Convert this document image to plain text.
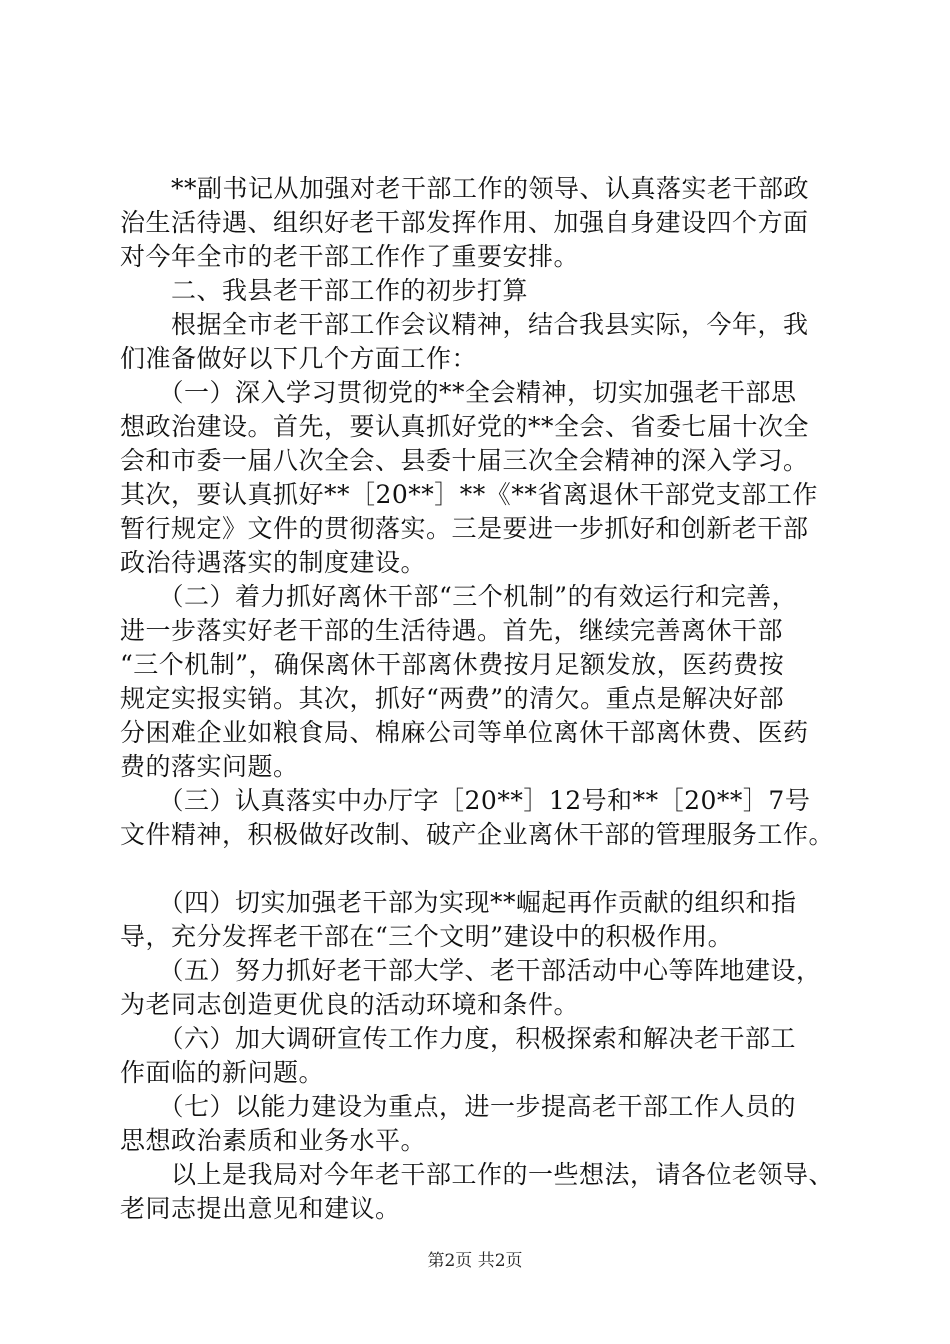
　　**副书记从加强对老干部工作的领导、认真落实老干部政
治生活待遇、组织好老干部发挥作用、加强自身建设四个方面
对今年全市的老干部工作作了重要安排。
　　二、我县老干部工作的初步打算
　　根据全市老干部工作会议精神，结合我县实际，今年，我
们准备做好以下几个方面工作：
　　（一）深入学习贯彻党的**全会精神，切实加强老干部思
想政治建设。首先，要认真抓好党的**全会、省委七届十次全
会和市委一届八次全会、县委十届三次全会精神的深入学习。
其次，要认真抓好**［20**］**《**省离退休干部党支部工作
暂行规定》文件的贯彻落实。三是要进一步抓好和创新老干部
政治待遇落实的制度建设。
　　（二）着力抓好离休干部“三个机制”的有效运行和完善，
进一步落实好老干部的生活待遇。首先，继续完善离休干部
“三个机制”，确保离休干部离休费按月足额发放，医药费按
规定实报实销。其次，抓好“两费”的清欠。重点是解决好部
分困难企业如粮食局、棉麻公司等单位离休干部离休费、医药
费的落实问题。
　　（三）认真落实中办厅字［20**］12号和**［20**］7号
文件精神，积极做好改制、破产企业离休干部的管理服务工作。
　　（四）切实加强老干部为实现**崛起再作贡献的组织和指
导，充分发挥老干部在“三个文明”建设中的积极作用。
　　（五）努力抓好老干部大学、老干部活动中心等阵地建设，
为老同志创造更优良的活动环境和条件。
　　（六）加大调研宣传工作力度，积极探索和解决老干部工
作面临的新问题。
　　（七）以能力建设为重点，进一步提高老干部工作人员的
思想政治素质和业务水平。
　　以上是我局对今年老干部工作的一些想法，请各位老领导、
老同志提出意见和建议。
第2页 共2页
